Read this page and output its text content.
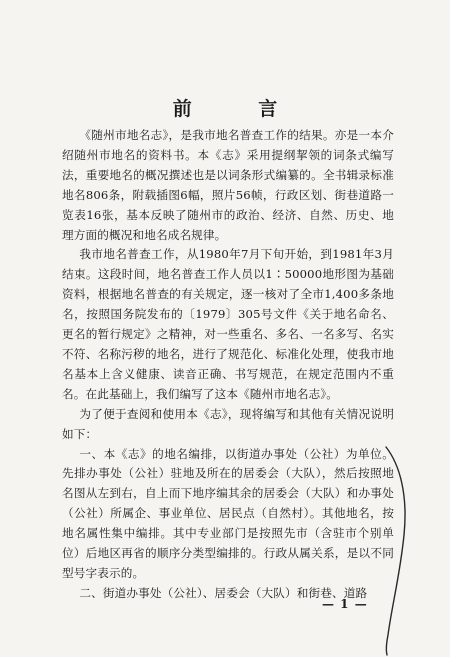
前 言

《随州市地名志》，是我市地名普查工作的结果。亦是一本介绍随州市地名的资料书。本《志》采用提纲挈领的词条式编写法，重要地名的概况撰述也是以词条形式编纂的。全书辑录标准地名806条，附载插图6幅，照片56帧，行政区划、街巷道路一览表16张，基本反映了随州市的政治、经济、自然、历史、地理方面的概况和地名成名规律。

我市地名普查工作，从1980年7月下旬开始，到1981年3月结束。这段时间，地名普查工作人员以1∶50000地形图为基础资料，根据地名普查的有关规定，逐一核对了全市1,400多条地名，按照国务院发布的〔1979〕305号文件《关于地名命名、更名的暂行规定》之精神，对一些重名、多名、一名多写、名实不符、名称污秽的地名，进行了规范化、标准化处理，使我市地名基本上含义健康、读音正确、书写规范，在规定范围内不重名。在此基础上，我们编写了这本《随州市地名志》。

为了便于查阅和使用本《志》，现将编写和其他有关情况说明如下：

一、本《志》的地名编排，以街道办事处（公社）为单位。先排办事处（公社）驻地及所在的居委会（大队），然后按照地名图从左到右，自上而下地序编其余的居委会（大队）和办事处（公社）所属企、事业单位、居民点（自然村）。其他地名，按地名属性集中编排。其中专业部门是按照先市（含驻市个别单位）后地区再省的顺序分类型编排的。行政从属关系，是以不同型号字表示的。

二、街道办事处（公社）、居委会（大队）和街巷、道路

— 1 —
